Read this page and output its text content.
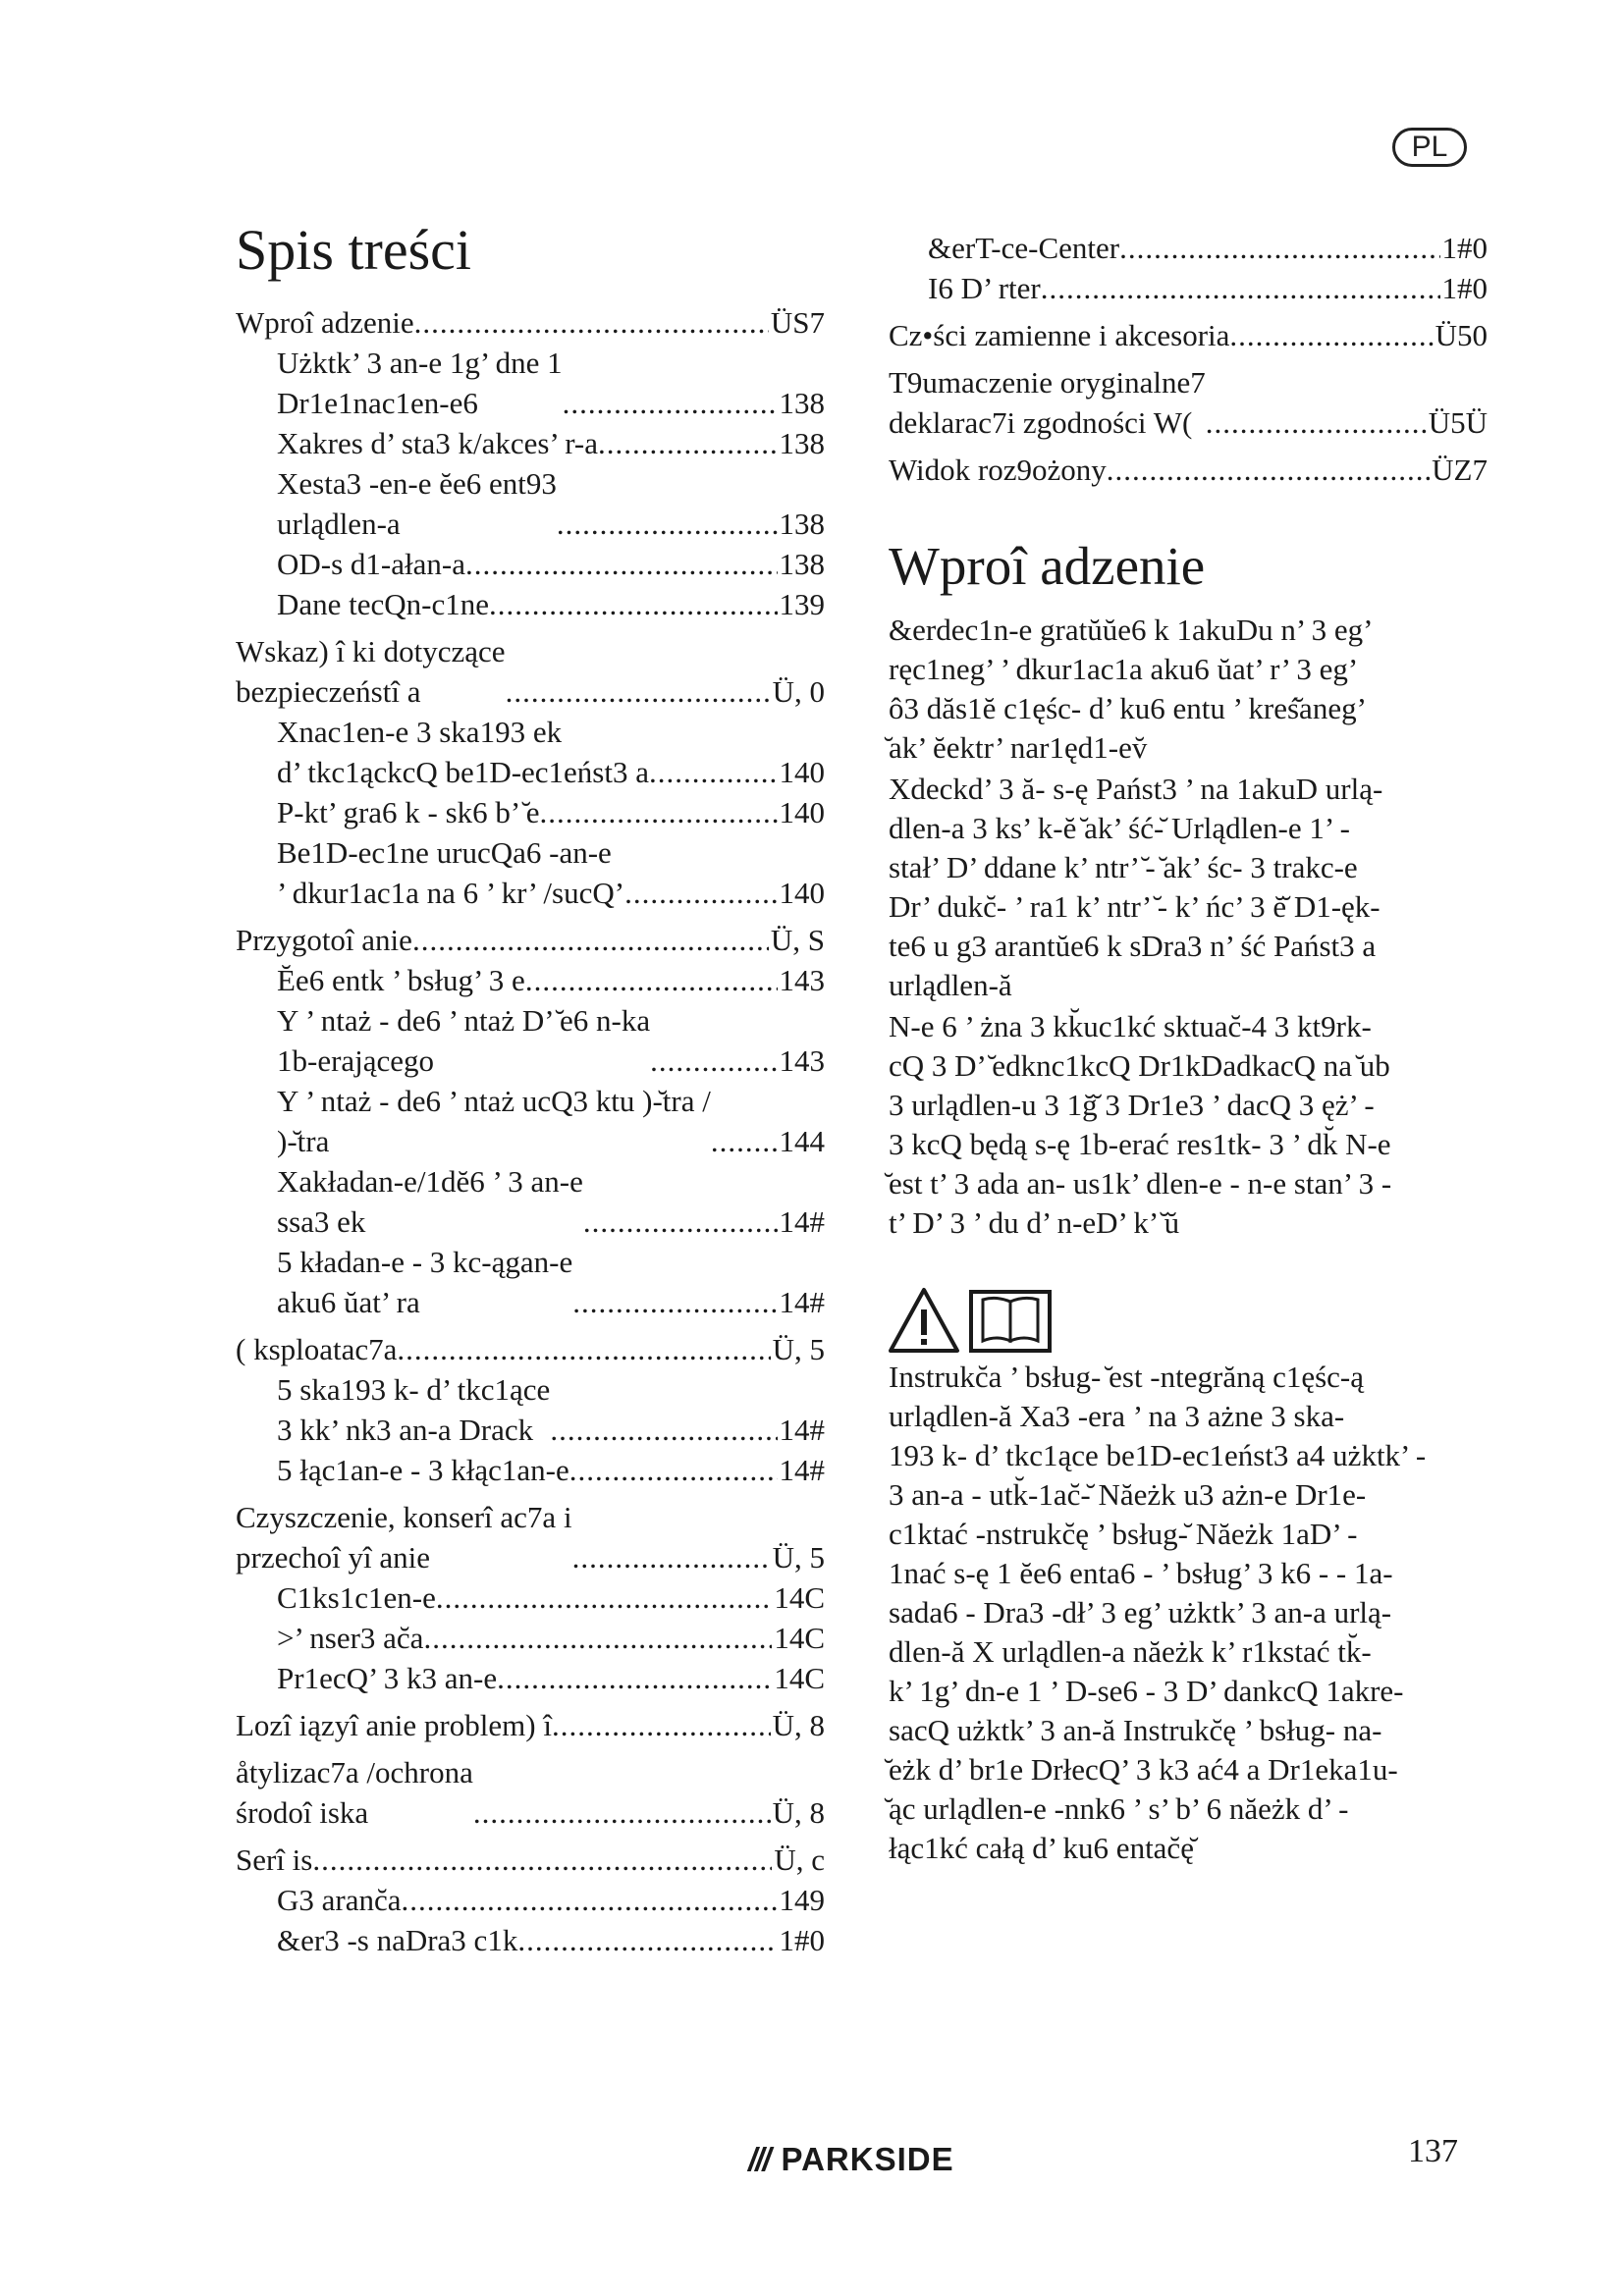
PL
Spis treści
Wproî adzenie .....	ÜS7
Użktk’ 3 an-e 1g’ dne 1
Dr1e1nac1en-e6 .....	138
Xakres d’ sta3 k/akces’ r-a .....	138
Xesta3 -en-e ĕe6 ent93
urlądlen-a .....	138
OD-s d1-ałan-a .....	138
Dane tecQn-c1ne .....	139
Wskaz) î ki dotyczące
bezpieczeństî a .....	Ü, 0
Xnac1en-e 3 ska193 ek
d’ tkc1ąckcQ be1D-ec1eńst3 a .....	140
P-kt’ gra6 k - sk6 b’ ̆e .....	140
Be1D-ec1ne urucQa6 -an-e
’ dkur1ac1a na 6 ’ kr’ /sucQ’ .....	140
Przygotoî anie .....	Ü, S
Ĕe6 entk ’ bsług’ 3 e .....	143
Y ’ ntaż - de6 ’ ntaż D’ ̆e6 n-ka
1b-erającego .....	143
Y ’ ntaż - de6 ’ ntaż ucQ3 ktu )-̆tra /
)-̆tra .....	144
Xakładan-e/1dĕ6 ’ 3 an-e
ssa3 ek .....	14#
5 kładan-e - 3 kc-ągan-e
aku6 ŭat’ ra .....	14#
( ksploatac7a .....	Ü, 5
5 ska193 k- d’ tkc1ące
3 kk’ nk3 an-a Drack .....	14#
5 łąc1an-e - 3 kłąc1an-e .....	14#
Czyszczenie, konserî ac7a i
przechoî yî anie .....	Ü, 5
C1ks1c1en-e .....	14C
>’ nser3 ac̆a .....	14C
Pr1ecQ’ 3 k3 an-e .....	14C
Lozî iązyî anie problem) î .....	Ü, 8
åtylizac7a /ochrona
środoî iska .....	Ü, 8
Serî is .....	Ü, c
G3 aranc̆a .....	149
&er3 -s naDra3 c1k .....	1#0
&erT-ce-Center .....	1#0
I6 D’ rter .....	1#0
Cz•ści zamienne i akcesoria .....	Ü50
T9umaczenie oryginalne7
deklarac7i zgodności W( .....	Ü5Ü
Widok roz9ożony .....	ÜZ7
Wproî adzenie

&erdec1n-e gratŭŭe6 k 1akuDu n’ 3 eg’
ręc1neg’ ’ dkur1ac1a aku6 ŭat’ r’ 3 eg’
ô3 dăs1ĕ c1ęśc- d’ ku6 entu ’ kreś̆aneg’
̆ak’ ĕektr’ nar1ęd1-ev̆

Xdeckd’ 3 ă- s-ę Państ3 ’ na 1akuD urlą-
dlen-a 3 ks’ k-ĕ ̆ak’ ść-̆ Urlądlen-e 1’ -
stał’ D’ ddane k’ ntr’ ̆- ̆ak’ śc- 3 trakc-e
Dr’ dukc̆- ’ ra1 k’ ntr’ ̆- k’ ńc’ 3 ĕ̆ D1-ęk-
te6 u g3 arantŭe6 k sDra3 n’ ść Państ3 a
urlądlen-ă

N-e 6 ’ żna 3 kk̆uc1kć sktuac̆-4 3 kt9rk-
cQ 3 D’ ̆edknc1kcQ Dr1kDadkacQ na ̆ub
3 urlądlen-u 3 1ğ̆ 3 Dr1e3 ’ dacQ 3 ęż’ -
3 kcQ będą s-ę 1b-erać res1tk- 3 ’ dk̆ N-e
̆est t’ 3 ada an- us1k’ dlen-e - n-e stan’ 3 -
t’ D’ 3 ’ du d’ n-eD’ k’ ̆ŭ

Instrukc̆a ’ bsług- ̆est -ntegrăną c1ęśc-ą
urlądlen-ă Xa3 -era ’ na 3 ażne 3 ska-
193 k- d’ tkc1ące be1D-ec1eńst3 a4 użktk’ -
3 an-a - utk̆-1ac̆-̆ Năeżk u3 ażn-e Dr1e-
c1ktać -nstrukc̆ę ’ bsług-̆ Năeżk 1aD’ -
1nać s-ę 1 ĕe6 enta6 - ’ bsług’ 3 k6 - - 1a-
sada6 - Dra3 -dł’ 3 eg’ użktk’ 3 an-a urlą-
dlen-ă X urlądlen-a năeżk k’ r1kstać tk̆-
k’ 1g’ dn-e 1 ’ D-se6 - 3 D’ dankcQ 1akre-
sacQ użktk’ 3 an-ă Instrukc̆ę ’ bsług- na-
̆eżk d’ br1e DrłecQ’ 3 k3 ać4 a Dr1eka1u-
̆ąc urlądlen-e -nnk6 ’ s’ b’ 6 năeżk d’ -
łąc1kć całą d’ ku6 entac̆ę̆

/// PARKSIDE	137
